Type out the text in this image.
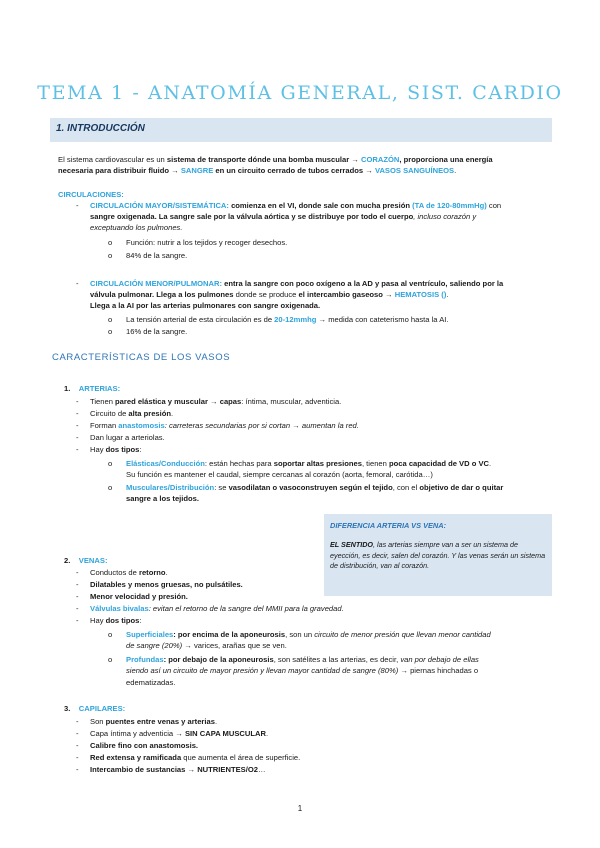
TEMA 1 - ANATOMÍA GENERAL, SIST. CARDIO
1. INTRODUCCIÓN
El sistema cardiovascular es un sistema de transporte dónde una bomba muscular → CORAZÓN, proporciona una energía
necesaria para distribuir fluido → SANGRE en un circuito cerrado de tubos cerrados → VASOS SANGUÍNEOS.
CIRCULACIONES:
- CIRCULACIÓN MAYOR/SISTEMÁTICA: comienza en el VI, donde sale con mucha presión (TA de 120-80mmHg) con
sangre oxigenada. La sangre sale por la válvula aórtica y se distribuye por todo el cuerpo, incluso corazón y
exceptuando los pulmones.
o Función: nutrir a los tejidos y recoger desechos.
o 84% de la sangre.
- CIRCULACIÓN MENOR/PULMONAR: entra la sangre con poco oxígeno a la AD y pasa al ventrículo, saliendo por la
válvula pulmonar. Llega a los pulmones donde se produce el intercambio gaseoso → HEMATOSIS ().
Llega a la AI por las arterias pulmonares con sangre oxigenada.
o La tensión arterial de esta circulación es de 20-12mmhg → medida con cateterismo hasta la AI.
o 16% de la sangre.
CARACTERÍSTICAS DE LOS VASOS
1. ARTERIAS:
- Tienen pared elástica y muscular → capas: íntima, muscular, adventicia.
- Circuito de alta presión.
- Forman anastomosis: carreteras secundarias por si cortan → aumentan la red.
- Dan lugar a arteriolas.
- Hay dos tipos:
o Elásticas/Conducción: están hechas para soportar altas presiones, tienen poca capacidad de VD o VC.
Su función es mantener el caudal, siempre cercanas al corazón (aorta, femoral, carótida…)
o Musculares/Distribución: se vasodilatan o vasoconstruyen según el tejido, con el objetivo de dar o quitar
sangre a los tejidos.
DIFERENCIA ARTERIA VS VENA:
EL SENTIDO, las arterias siempre van a ser un sistema de eyección, es decir, salen del corazón. Y las venas serán un sistema de distribución, van al corazón.
2. VENAS:
- Conductos de retorno.
- Dilatables y menos gruesas, no pulsátiles.
- Menor velocidad y presión.
- Válvulas bivalas: evitan el retorno de la sangre del MMII para la gravedad.
- Hay dos tipos:
o Superficiales: por encima de la aponeurosis, son un circuito de menor presión que llevan menor cantidad
de sangre (20%) → varices, arañas que se ven.
o Profundas: por debajo de la aponeurosis, son satélites a las arterias, es decir, van por debajo de ellas
siendo así un circuito de mayor presión y llevan mayor cantidad de sangre (80%) → piernas hinchadas o
edematizadas.
3. CAPILARES:
- Son puentes entre venas y arterias.
- Capa íntima y adventicia → SIN CAPA MUSCULAR.
- Calibre fino con anastomosis.
- Red extensa y ramificada que aumenta el área de superficie.
- Intercambio de sustancias → NUTRIENTES/O2…
1
